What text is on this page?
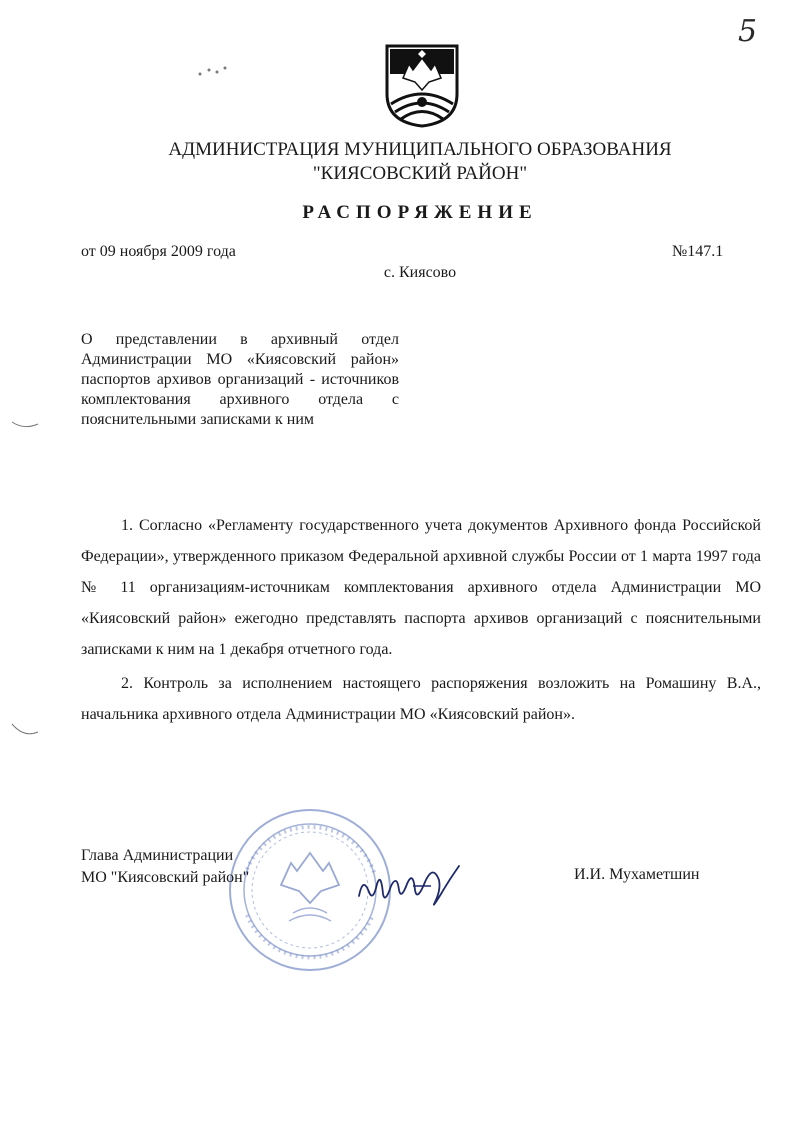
5
АДМИНИСТРАЦИЯ МУНИЦИПАЛЬНОГО ОБРАЗОВАНИЯ
"КИЯСОВСКИЙ РАЙОН"
РАСПОРЯЖЕНИЕ
от 09 ноября 2009 года	№147.1
с. Киясово
О представлении в архивный отдел Администрации МО «Киясовский район» паспортов архивов организаций - источников комплектования архивного отдела с пояснительными записками к ним

1. Согласно «Регламенту государственного учета документов Архивного фонда Российской Федерации», утвержденного приказом Федеральной архивной службы России от 1 марта 1997 года № 11 организациям-источникам комплектования архивного отдела Администрации МО «Киясовский район» ежегодно представлять паспорта архивов организаций с пояснительными записками к ним на 1 декабря отчетного года.

2. Контроль за исполнением настоящего распоряжения возложить на Ромашину В.А., начальника архивного отдела Администрации МО «Киясовский район».

Глава Администрации
МО "Киясовский район"	И.И. Мухаметшин
